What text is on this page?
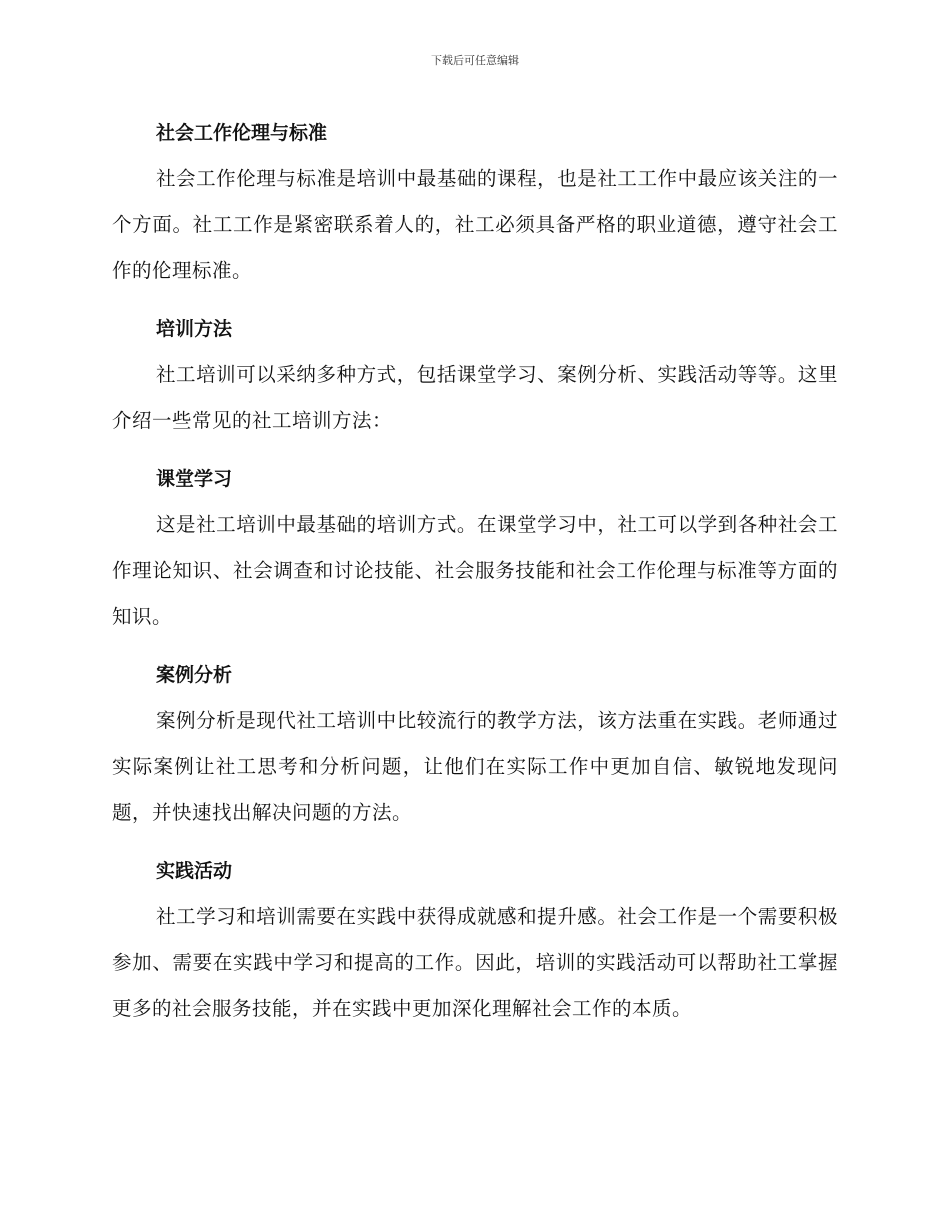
下载后可任意编辑
社会工作伦理与标准

社会工作伦理与标准是培训中最基础的课程，也是社工工作中最应该关注的一个方面。社工工作是紧密联系着人的，社工必须具备严格的职业道德，遵守社会工作的伦理标准。

培训方法

社工培训可以采纳多种方式，包括课堂学习、案例分析、实践活动等等。这里介绍一些常见的社工培训方法：

课堂学习

这是社工培训中最基础的培训方式。在课堂学习中，社工可以学到各种社会工作理论知识、社会调查和讨论技能、社会服务技能和社会工作伦理与标准等方面的知识。

案例分析

案例分析是现代社工培训中比较流行的教学方法，该方法重在实践。老师通过实际案例让社工思考和分析问题，让他们在实际工作中更加自信、敏锐地发现问题，并快速找出解决问题的方法。

实践活动

社工学习和培训需要在实践中获得成就感和提升感。社会工作是一个需要积极参加、需要在实践中学习和提高的工作。因此，培训的实践活动可以帮助社工掌握更多的社会服务技能，并在实践中更加深化理解社会工作的本质。
